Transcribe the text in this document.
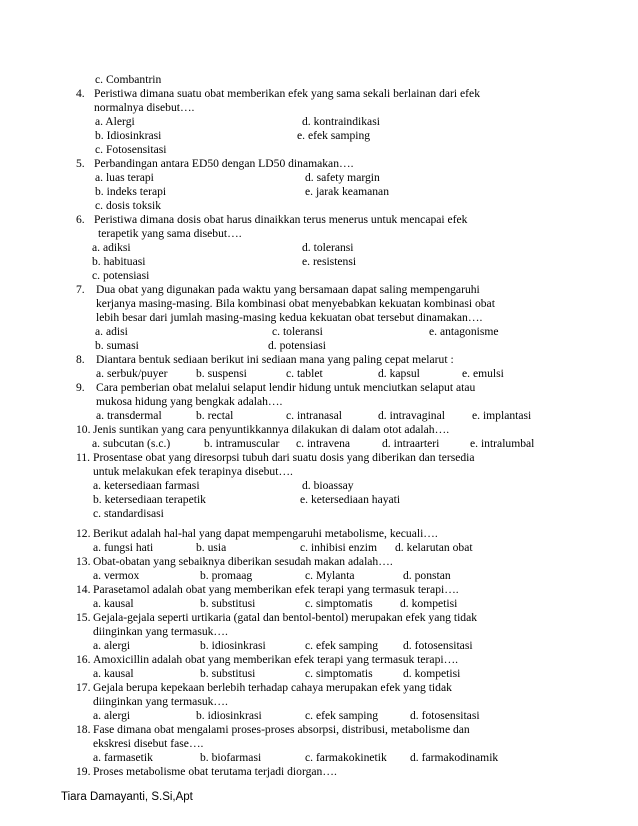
c. Combantrin
4. Peristiwa dimana suatu obat memberikan efek yang sama sekali berlainan dari efek
normalnya disebut….
a. Alergi	d. kontraindikasi
b. Idiosinkrasi	e. efek samping
c. Fotosensitasi
5. Perbandingan antara ED50 dengan LD50 dinamakan….
a. luas terapi	d. safety margin
b. indeks terapi	e. jarak keamanan
c. dosis toksik
6. Peristiwa dimana dosis obat harus dinaikkan terus menerus untuk mencapai efek
terapetik yang sama disebut….
a. adiksi	d. toleransi
b. habituasi	e. resistensi
c. potensiasi
7. Dua obat yang digunakan pada waktu yang bersamaan dapat saling mempengaruhi
kerjanya masing-masing. Bila kombinasi obat menyebabkan kekuatan kombinasi obat
lebih besar dari jumlah masing-masing kedua kekuatan obat tersebut dinamakan….
a. adisi	c. toleransi	e. antagonisme
b. sumasi	d. potensiasi
8. Diantara bentuk sediaan berikut ini sediaan mana yang paling cepat melarut :
a. serbuk/puyer b. suspensi	c. tablet	d. kapsul	e. emulsi
9. Cara pemberian obat melalui selaput lendir hidung untuk menciutkan selaput atau
mukosa hidung yang bengkak adalah….
a. transdermal	b. rectal	c. intranasal	d. intravaginal e. implantasi
10. Jenis suntikan yang cara penyuntikkannya dilakukan di dalam otot adalah….
a. subcutan (s.c.)	b. intramuscular c. intravena	d. intraarteri	e. intralumbal
11. Prosentase obat yang diresorpsi tubuh dari suatu dosis yang diberikan dan tersedia
untuk melakukan efek terapinya disebut….
a. ketersediaan farmasi	d. bioassay
b. ketersediaan terapetik	e. ketersediaan hayati
c. standardisasi
12. Berikut adalah hal-hal yang dapat mempengaruhi metabolisme, kecuali….
a. fungsi hati	b. usia	c. inhibisi enzim d. kelarutan obat
13. Obat-obatan yang sebaiknya diberikan sesudah makan adalah….
a. vermox	b. promaag	c. Mylanta	d. ponstan
14. Parasetamol adalah obat yang memberikan efek terapi yang termasuk terapi….
a. kausal	b. substitusi	c. simptomatis d. kompetisi
15. Gejala-gejala seperti urtikaria (gatal dan bentol-bentol) merupakan efek yang tidak
diinginkan yang termasuk….
a. alergi	b. idiosinkrasi	c. efek samping d. fotosensitasi
16. Amoxicillin adalah obat yang memberikan efek terapi yang termasuk terapi….
a. kausal	b. substitusi	c. simptomatis	d. kompetisi
17. Gejala berupa kepekaan berlebih terhadap cahaya merupakan efek yang tidak
diinginkan yang termasuk….
a. alergi	b. idiosinkrasi	c. efek samping	d. fotosensitasi
18. Fase dimana obat mengalami proses-proses absorpsi, distribusi, metabolisme dan
ekskresi disebut fase….
a. farmasetik	b. biofarmasi	c. farmakokinetik d. farmakodinamik
19. Proses metabolisme obat terutama terjadi diorgan….
Tiara Damayanti, S.Si,Apt
